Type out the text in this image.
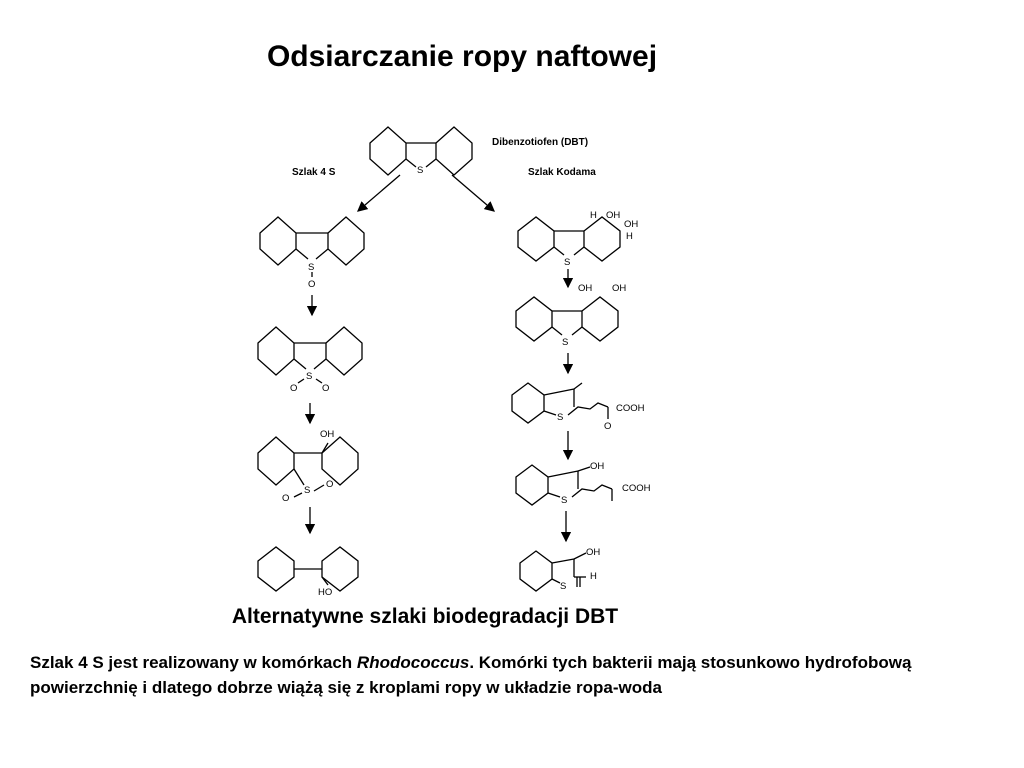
Odsiarczanie ropy naftowej
S
Dibenzotiofen (DBT)
Szlak 4 S	Szlak Kodama
S
O
S
O	O
OH
S
O
O
HO
S
H OH
OH
H
S
OH OH
S
O
COOH
OH
S
COOH
OH
S
H
Alternatywne szlaki biodegradacji DBT
Szlak 4 S jest realizowany w komórkach Rhodococcus. Komórki tych bakterii mają stosunkowo hydrofobową powierzchnię i dlatego dobrze wiążą się z kroplami ropy w układzie ropa-woda
